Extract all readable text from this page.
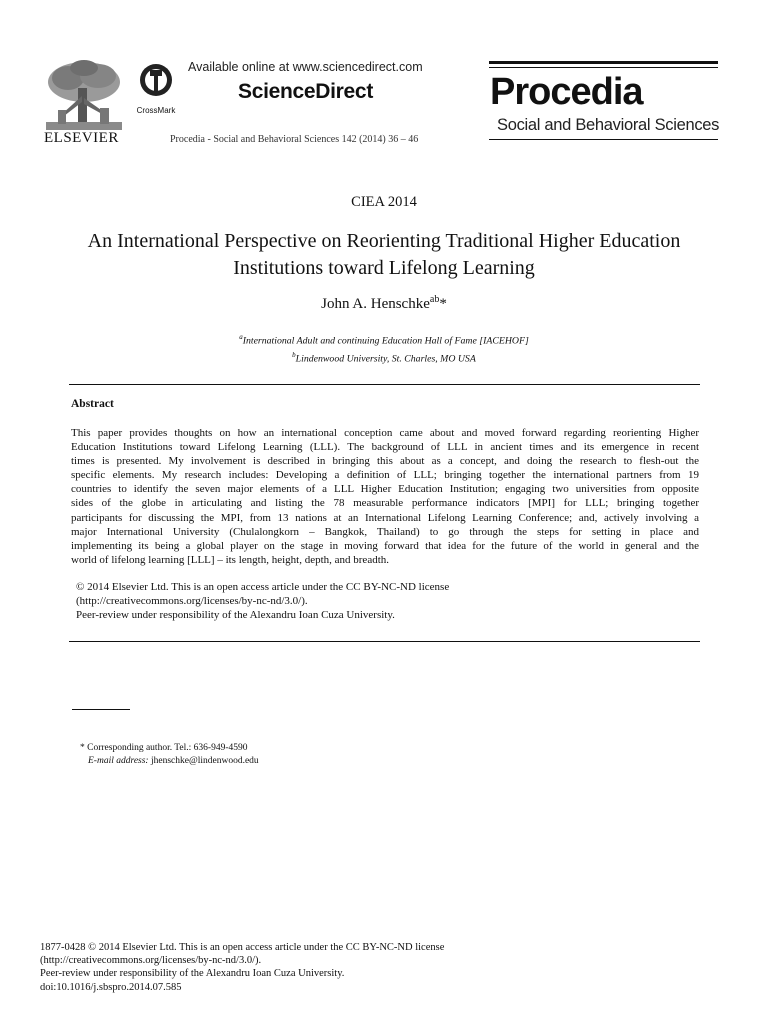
ELSEVIER
CrossMark
Available online at www.sciencedirect.com
ScienceDirect
Procedia - Social and Behavioral Sciences 142 (2014) 36 – 46
Procedia
Social and Behavioral Sciences
CIEA 2014
An International Perspective on Reorienting Traditional Higher Education Institutions toward Lifelong Learning
John A. Henschke$^{ab}$*
$^a$International Adult and continuing Education Hall of Fame [IACEHOF]
$^b$Lindenwood University, St. Charles, MO USA
Abstract
This paper provides thoughts on how an international conception came about and moved forward regarding reorienting Higher
Education Institutions toward Lifelong Learning (LLL). The background of LLL in ancient times and its emergence in recent
times is presented. My involvement is described in bringing this about as a concept, and doing the research to flesh-out the
specific elements. My research includes: Developing a definition of LLL; bringing together the international partners from 19
countries to identify the seven major elements of a LLL Higher Education Institution; engaging two universities from opposite
sides of the globe in articulating and listing the 78 measurable performance indicators [MPI] for LLL; bringing together
participants for discussing the MPI, from 13 nations at an International Lifelong Learning Conference; and, actively involving a
major International University (Chulalongkorn – Bangkok, Thailand) to go through the steps for setting in place and
implementing its being a global player on the stage in moving forward that idea for the future of the world in general and the
world of lifelong learning [LLL] – its length, height, depth, and breadth.
© 2014 Elsevier Ltd. This is an open access article under the CC BY-NC-ND license
(http://creativecommons.org/licenses/by-nc-nd/3.0/).
Peer-review under responsibility of the Alexandru Ioan Cuza University.
* Corresponding author. Tel.: 636-949-4590
E-mail address: jhenschke@lindenwood.edu
1877-0428 © 2014 Elsevier Ltd. This is an open access article under the CC BY-NC-ND license
(http://creativecommons.org/licenses/by-nc-nd/3.0/).
Peer-review under responsibility of the Alexandru Ioan Cuza University.
doi:10.1016/j.sbspro.2014.07.585
